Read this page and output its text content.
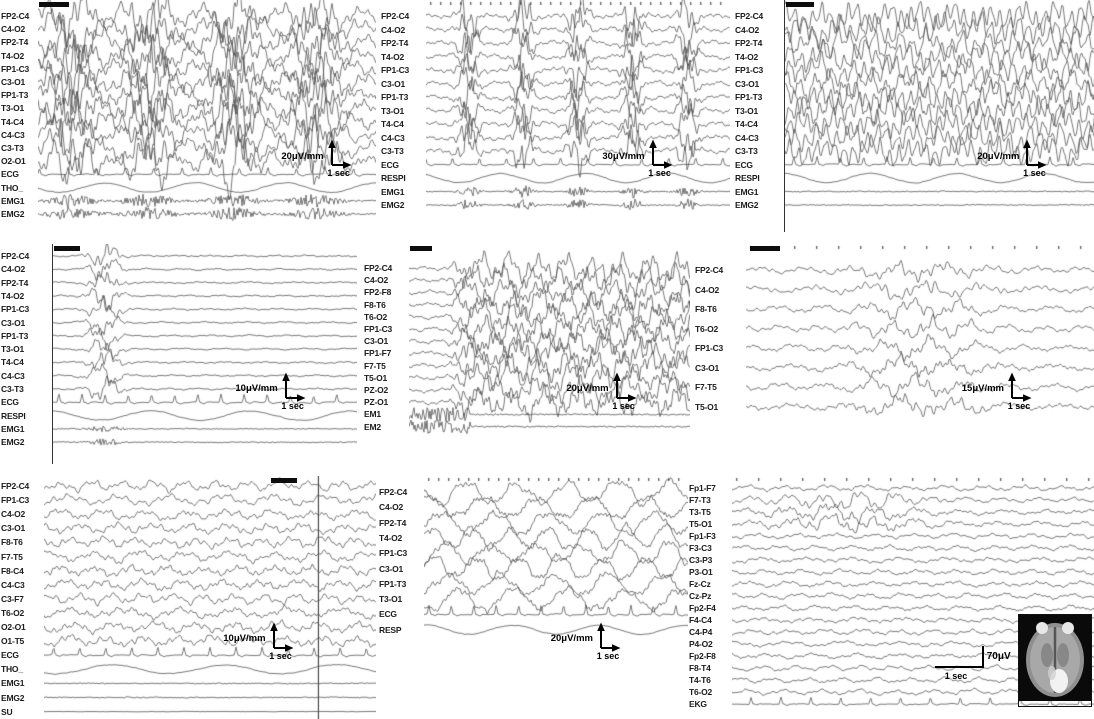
FP2-C4
C4-O2
FP2-T4
T4-O2
FP1-C3
C3-O1
FP1-T3
T3-O1
T4-C4
C4-C3
C3-T3
O2-O1
ECG
THO_
EMG1
EMG2
20μV/mm
1 sec
FP2-C4
C4-O2
FP2-T4
T4-O2
FP1-C3
C3-O1
FP1-T3
T3-O1
T4-C4
C4-C3
C3-T3
ECG
RESPI
EMG1
EMG2
30μV/mm
1 sec
FP2-C4
C4-O2
FP2-T4
T4-O2
FP1-C3
C3-O1
FP1-T3
T3-O1
T4-C4
C4-C3
C3-T3
ECG
RESPI
EMG1
EMG2
20μV/mm
1 sec
FP2-C4
C4-O2
FP2-T4
T4-O2
FP1-C3
C3-O1
FP1-T3
T3-O1
T4-C4
C4-C3
C3-T3
ECG
RESPI
EMG1
EMG2
10μV/mm
1 sec
FP2-C4
C4-O2
FP2-F8
F8-T6
T6-O2
FP1-C3
C3-O1
FP1-F7
F7-T5
T5-O1
PZ-O2
PZ-O1
EM1
EM2
20μV/mm
1 sec
FP2-C4
C4-O2
F8-T6
T6-O2
FP1-C3
C3-O1
F7-T5
T5-O1
15μV/mm
1 sec
FP2-C4
FP1-C3
C4-O2
C3-O1
F8-T6
F7-T5
F8-C4
C4-C3
C3-F7
T6-O2
O2-O1
O1-T5
ECG
THO_
EMG1
EMG2
SU
10μV/mm
1 sec
FP2-C4
C4-O2
FP2-T4
T4-O2
FP1-C3
C3-O1
FP1-T3
T3-O1
ECG
RESP
20μV/mm
1 sec
Fp1-F7
F7-T3
T3-T5
T5-O1
Fp1-F3
F3-C3
C3-P3
P3-O1
Fz-Cz
Cz-Pz
Fp2-F4
F4-C4
C4-P4
P4-O2
Fp2-F8
F8-T4
T4-T6
T6-O2
EKG
70μV
1 sec
